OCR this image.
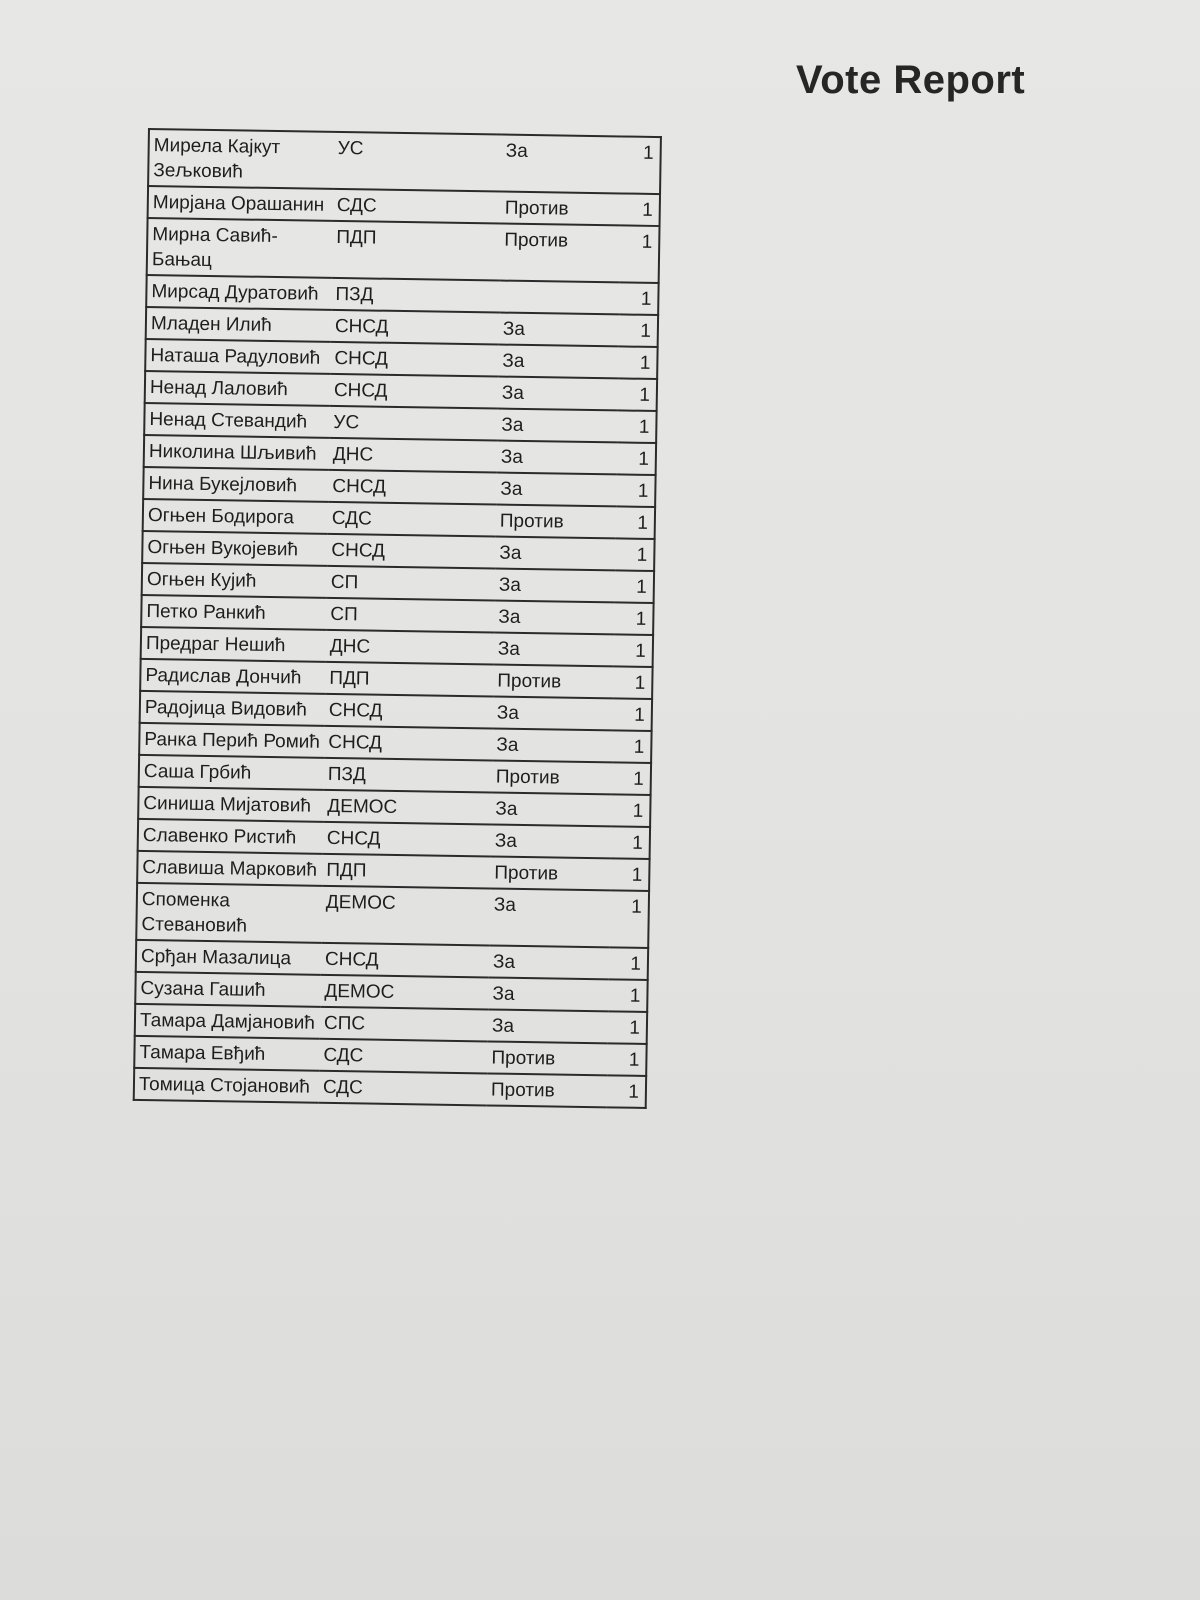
Vote Report
Мирела Кајкут Зељковић	УС	За	1
Мирјана Орашанин	СДС	Против	1
Мирна Савић-Бањац	ПДП	Против	1
Мирсад Дуратовић	ПЗД		1
Младен Илић	СНСД	За	1
Наташа Радуловић	СНСД	За	1
Ненад Лаловић	СНСД	За	1
Ненад Стевандић	УС	За	1
Николина Шљивић	ДНС	За	1
Нина Букејловић	СНСД	За	1
Огњен Бодирога	СДС	Против	1
Огњен Вукојевић	СНСД	За	1
Огњен Кујић	СП	За	1
Петко Ранкић	СП	За	1
Предраг Нешић	ДНС	За	1
Радислав Дончић	ПДП	Против	1
Радојица Видовић	СНСД	За	1
Ранка Перић Ромић	СНСД	За	1
Саша Грбић	ПЗД	Против	1
Синиша Мијатовић	ДЕМОС	За	1
Славенко Ристић	СНСД	За	1
Славиша Марковић	ПДП	Против	1
Споменка Стевановић	ДЕМОС	За	1
Срђан Мазалица	СНСД	За	1
Сузана Гашић	ДЕМОС	За	1
Тамара Дамјановић	СПС	За	1
Тамара Евђић	СДС	Против	1
Томица Стојановић	СДС	Против	1
